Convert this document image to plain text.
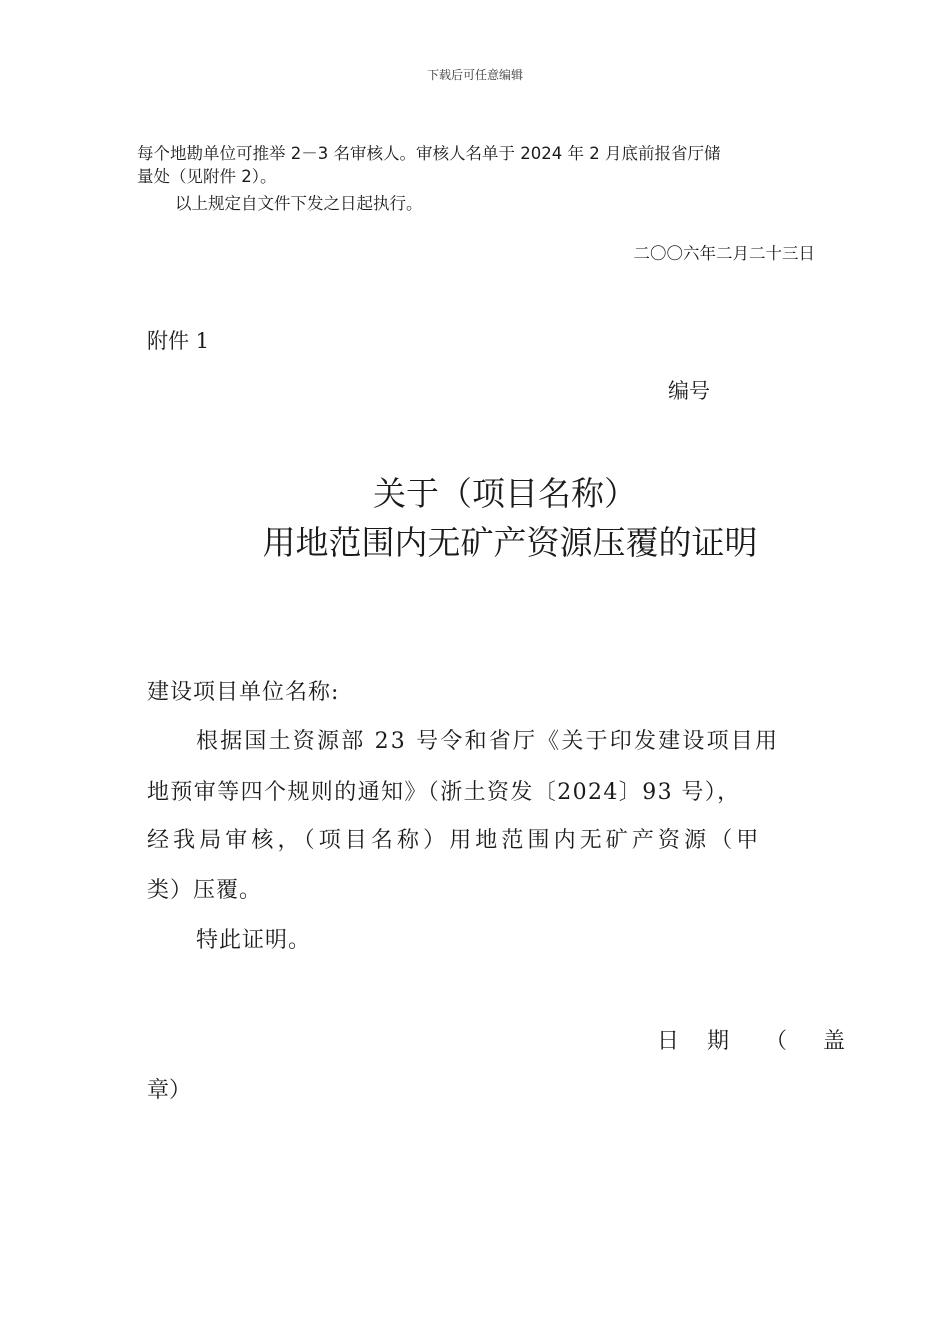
下载后可任意编辑
每个地勘单位可推举 2－3 名审核人。审核人名单于 2024 年 2 月底前报省厅储
量处（见附件 2）。
以上规定自文件下发之日起执行。
二〇〇六年二月二十三日
附件 1
编号
关于（项目名称）
用地范围内无矿产资源压覆的证明
建设项目单位名称:
根据国土资源部 23 号令和省厅《关于印发建设项目用
地预审等四个规则的通知》（浙土资发〔2024〕93 号），
经我局审核，（项目名称）用地范围内无矿产资源（甲
类）压覆。
特此证明。
日 期 （ 盖
章）
